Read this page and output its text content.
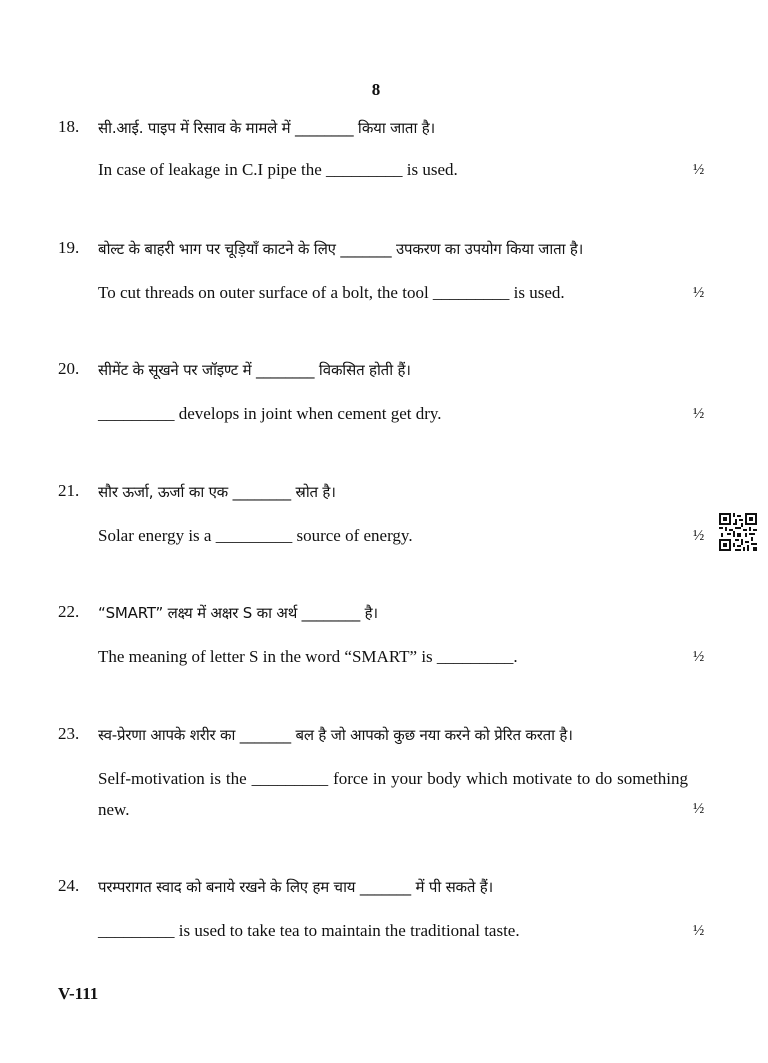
8
18. सी.आई. पाइप में रिसाव के मामले में ________ किया जाता है।
In case of leakage in C.I pipe the _________ is used.	½
19. बोल्ट के बाहरी भाग पर चूड़ियाँ काटने के लिए _______ उपकरण का उपयोग किया जाता है।
To cut threads on outer surface of a bolt, the tool _________ is used.	½
20. सीमेंट के सूखने पर जॉइण्ट में ________ विकसित होती हैं।
_________ develops in joint when cement get dry.	½
21. सौर ऊर्जा, ऊर्जा का एक ________ स्रोत है।
Solar energy is a _________ source of energy.	½
22. “SMART” लक्ष्य में अक्षर S का अर्थ ________ है।
The meaning of letter S in the word “SMART” is _________.	½
23. स्व-प्रेरणा आपके शरीर का _______ बल है जो आपको कुछ नया करने को प्रेरित करता है।
Self-motivation is the _________ force in your body which motivate to do something new.	½
24. परम्परागत स्वाद को बनाये रखने के लिए हम चाय _______ में पी सकते हैं।
_________ is used to take tea to maintain the traditional taste.	½
V-111
